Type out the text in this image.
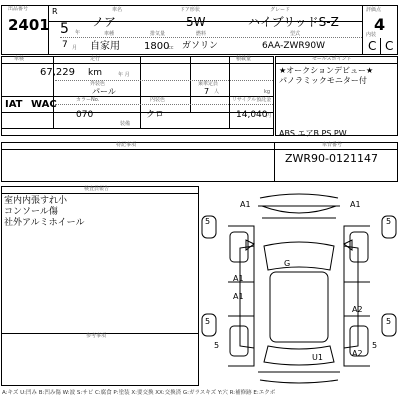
出品番号
2401
R
5 年
7 月
車名
ノア
ドア形状
5W
グレード
ハイブリッドS-Z
評価点
4
車種
自家用
排気量
1800
cc
燃料
ガソリン
型式
6AA-ZWR90W
内装
C C
車検	走行
67,229 km	年 月
積載量
外装色
パール
乗車定員
7 人	kg
IAT WAC	カラーNo.
070
内装色
クロ
リサイクル預託金
14,040
円
装備
セールスポイント
★オークションデビュー★
パノラミックモニター付
ABS エアB PS PW
特記事項	車台番号
ZWR90-0121147
検査員報告
室内内張すれ小
コンソール傷
社外アルミホイール
参考事項
A1	A1
5	5
G
A1
A1
5	5
A2
A2
U1
5	5
A:キズ U:凹み B:凹み傷 W:波 S:サビ C:腐食 P:塗装 X:要交換 XX:交換済 G:ガラスキズ Y:穴 R:補修跡 E:エクボ
